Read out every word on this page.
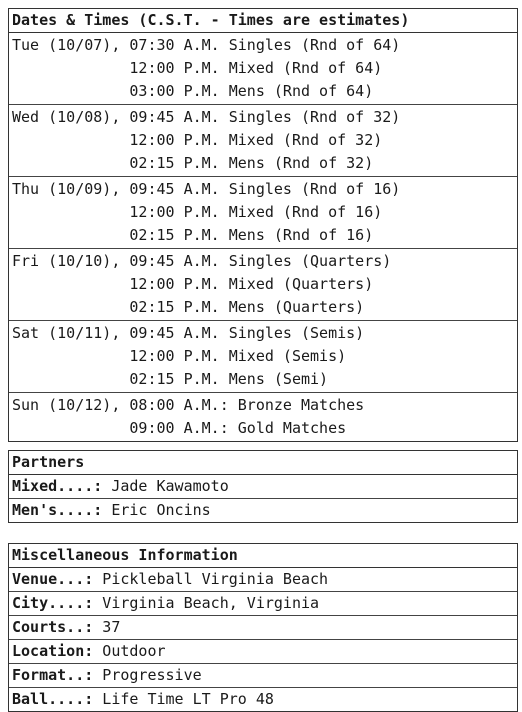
Dates & Times (C.S.T. - Times are estimates)
Tue (10/07), 07:30 A.M. Singles (Rnd of 64)
12:00 P.M. Mixed (Rnd of 64)
03:00 P.M. Mens (Rnd of 64)
Wed (10/08), 09:45 A.M. Singles (Rnd of 32)
12:00 P.M. Mixed (Rnd of 32)
02:15 P.M. Mens (Rnd of 32)
Thu (10/09), 09:45 A.M. Singles (Rnd of 16)
12:00 P.M. Mixed (Rnd of 16)
02:15 P.M. Mens (Rnd of 16)
Fri (10/10), 09:45 A.M. Singles (Quarters)
12:00 P.M. Mixed (Quarters)
02:15 P.M. Mens (Quarters)
Sat (10/11), 09:45 A.M. Singles (Semis)
12:00 P.M. Mixed (Semis)
02:15 P.M. Mens (Semi)
Sun (10/12), 08:00 A.M.: Bronze Matches
09:00 A.M.: Gold Matches
Partners
Mixed....: Jade Kawamoto
Men's....: Eric Oncins
Miscellaneous Information
Venue...: Pickleball Virginia Beach
City....: Virginia Beach, Virginia
Courts..: 37
Location: Outdoor
Format..: Progressive
Ball....: Life Time LT Pro 48
